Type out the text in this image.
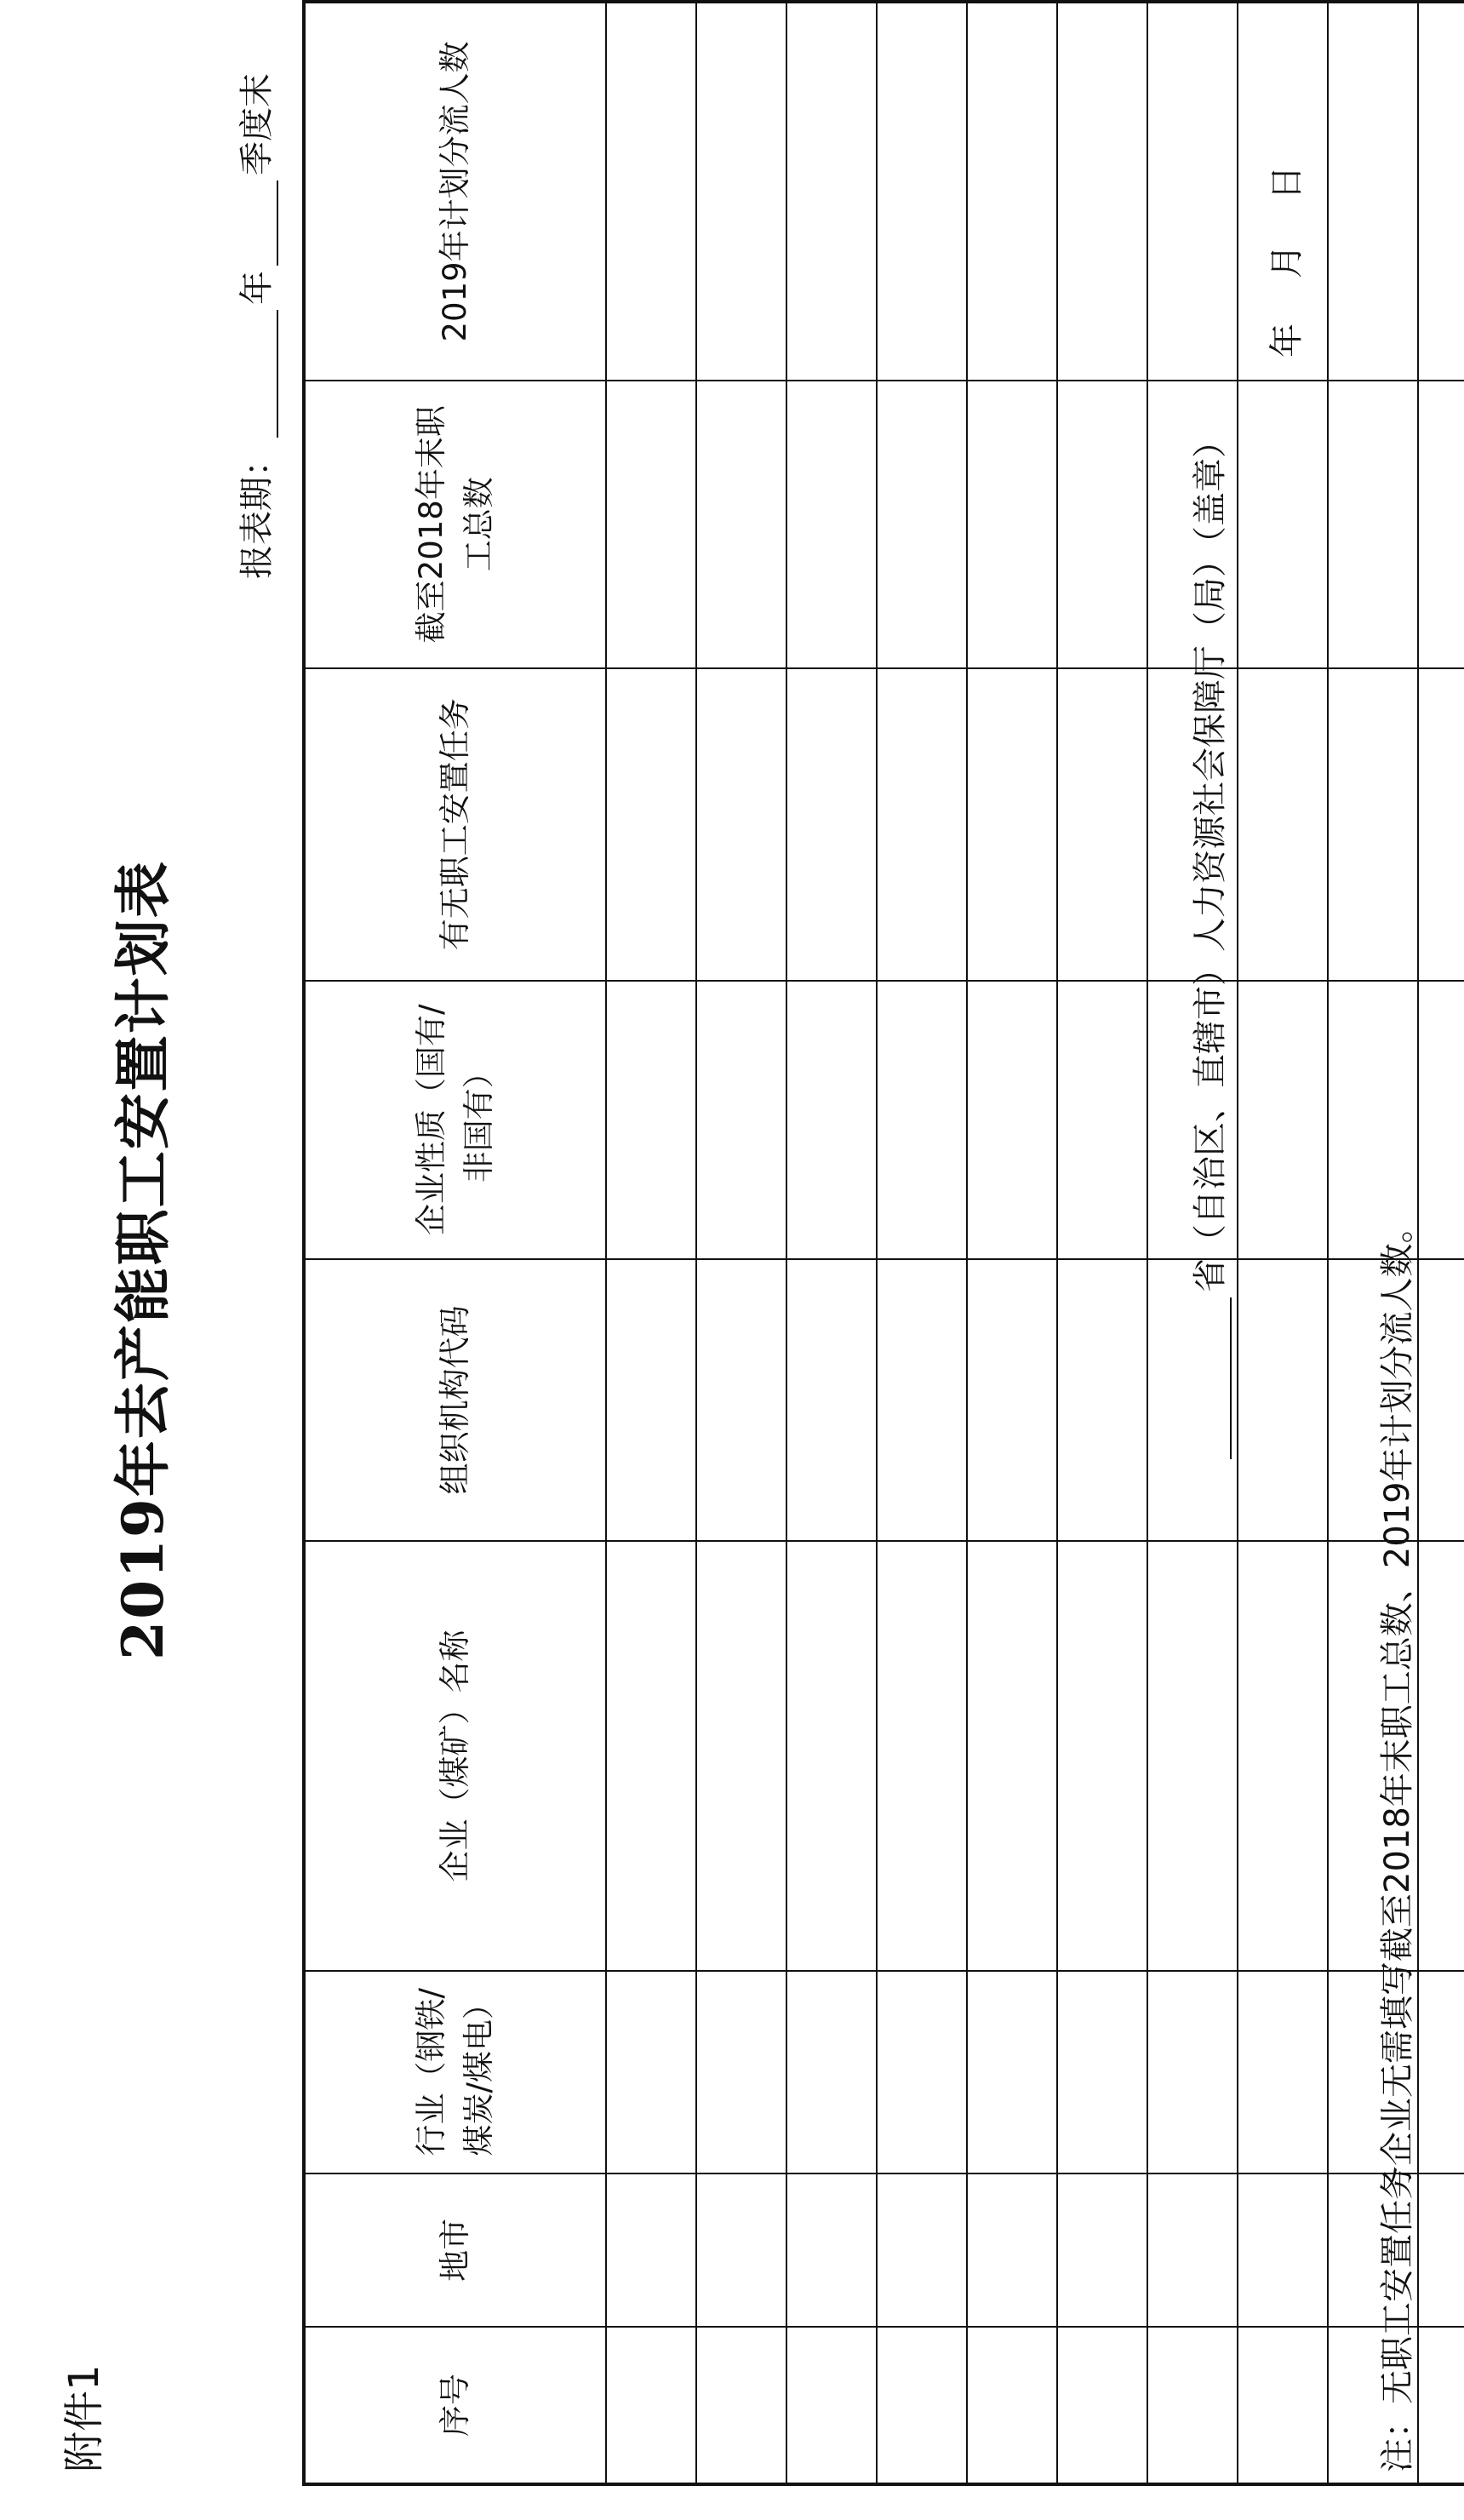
附件1
2019年去产能职工安置计划表
报表期：年季度末
序号	地市	行业（钢铁/煤炭/煤电）	企业（煤矿）名称	组织机构代码	企业性质（国有/非国有）	有无职工安置任务	截至2018年末职工总数	2019年计划分流人数

省（自治区、直辖市）人力资源社会保障厅（局）（盖章）
年 月 日
注：无职工安置任务企业无需填写截至2018年末职工总数、2019年计划分流人数。
